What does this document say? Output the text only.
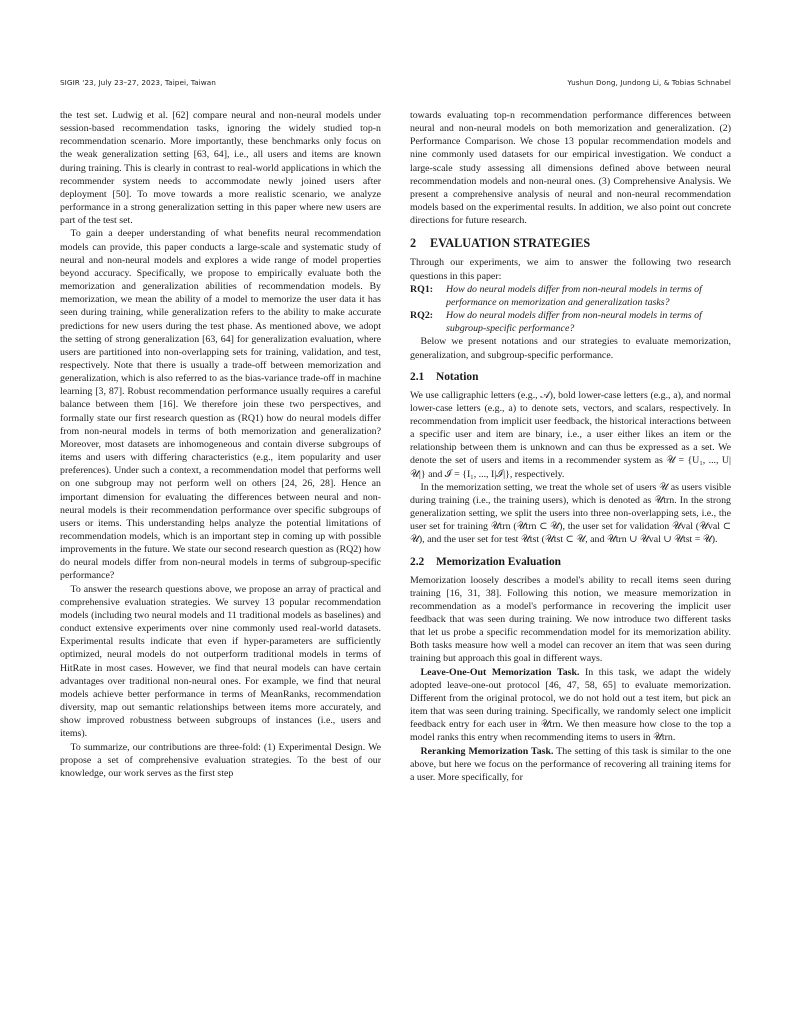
SIGIR '23, July 23–27, 2023, Taipei, Taiwan	Yushun Dong, Jundong Li, & Tobias Schnabel

the test set. Ludwig et al. [62] compare neural and non-neural models under session-based recommendation tasks, ignoring the widely studied top-n recommendation scenario. More importantly, these benchmarks only focus on the weak generalization setting [63, 64], i.e., all users and items are known during training. This is clearly in contrast to real-world applications in which the recommender system needs to accommodate newly joined users after deployment [50]. To move towards a more realistic scenario, we analyze performance in a strong generalization setting in this paper where new users are part of the test set.

To gain a deeper understanding of what benefits neural recommendation models can provide, this paper conducts a large-scale and systematic study of neural and non-neural models and explores a wide range of model properties beyond accuracy. Specifically, we propose to empirically evaluate both the memorization and generalization abilities of recommendation models. By memorization, we mean the ability of a model to memorize the user data it has seen during training, while generalization refers to the ability to make accurate predictions for new users during the test phase. As mentioned above, we adopt the setting of strong generalization [63, 64] for generalization evaluation, where users are partitioned into non-overlapping sets for training, validation, and test, respectively. Note that there is usually a trade-off between memorization and generalization, which is also referred to as the bias-variance trade-off in machine learning [3, 87]. Robust recommendation performance usually requires a careful balance between them [16]. We therefore join these two perspectives, and formally state our first research question as (RQ1) how do neural models differ from non-neural models in terms of both memorization and generalization? Moreover, most datasets are inhomogeneous and contain diverse subgroups of items and users with differing characteristics (e.g., item popularity and user preferences). Under such a context, a recommendation model that performs well on one subgroup may not perform well on others [24, 26, 28]. Hence an important dimension for evaluating the differences between neural and non-neural models is their recommendation performance over specific subgroups of users or items. This understanding helps analyze the potential limitations of recommendation models, which is an important step in coming up with possible improvements in the future. We state our second research question as (RQ2) how do neural models differ from non-neural models in terms of subgroup-specific performance?

To answer the research questions above, we propose an array of practical and comprehensive evaluation strategies. We survey 13 popular recommendation models (including two neural models and 11 traditional models as baselines) and conduct extensive experiments over nine commonly used real-world datasets. Experimental results indicate that even if hyper-parameters are sufficiently optimized, neural models do not outperform traditional models in terms of HitRate in most cases. However, we find that neural models can have certain advantages over traditional non-neural ones. For example, we find that neural models achieve better performance in terms of MeanRanks, recommendation diversity, map out semantic relationships between items more accurately, and show improved robustness between subgroups of instances (i.e., users and items).

To summarize, our contributions are three-fold: (1) Experimental Design. We propose a set of comprehensive evaluation strategies. To the best of our knowledge, our work serves as the first step

towards evaluating top-n recommendation performance differences between neural and non-neural models on both memorization and generalization. (2) Performance Comparison. We chose 13 popular recommendation models and nine commonly used datasets for our empirical investigation. We conduct a large-scale study assessing all dimensions defined above between neural recommendation models and non-neural ones. (3) Comprehensive Analysis. We present a comprehensive analysis of neural and non-neural recommendation models based on the experimental results. In addition, we also point out concrete directions for future research.

2 EVALUATION STRATEGIES

Through our experiments, we aim to answer the following two research questions in this paper:

RQ1:	How do neural models differ from non-neural models in terms of performance on memorization and generalization tasks?
RQ2:	How do neural models differ from non-neural models in terms of subgroup-specific performance?

Below we present notations and our strategies to evaluate memorization, generalization, and subgroup-specific performance.

2.1 Notation

We use calligraphic letters (e.g., 𝒜), bold lower-case letters (e.g., a), and normal lower-case letters (e.g., a) to denote sets, vectors, and scalars, respectively. In recommendation from implicit user feedback, the historical interactions between a specific user and item are binary, i.e., a user either likes an item or the relationship between them is unknown and can thus be expressed as a set. We denote the set of users and items in a recommender system as 𝒰 = {U₁, ..., U|𝒰|} and ℐ = {I₁, ..., I|ℐ|}, respectively.

In the memorization setting, we treat the whole set of users 𝒰 as users visible during training (i.e., the training users), which is denoted as 𝒰trn. In the strong generalization setting, we split the users into three non-overlapping sets, i.e., the user set for training 𝒰trn (𝒰trn ⊂ 𝒰), the user set for validation 𝒰val (𝒰val ⊂ 𝒰), and the user set for test 𝒰tst (𝒰tst ⊂ 𝒰, and 𝒰trn ∪ 𝒰val ∪ 𝒰tst = 𝒰).

2.2 Memorization Evaluation

Memorization loosely describes a model's ability to recall items seen during training [16, 31, 38]. Following this notion, we measure memorization in recommendation as a model's performance in recovering the implicit user feedback that was seen during training. We now introduce two different tasks that let us probe a specific recommendation model for its memorization ability. Both tasks measure how well a model can recover an item that was seen during training but approach this goal in different ways.

Leave-One-Out Memorization Task. In this task, we adapt the widely adopted leave-one-out protocol [46, 47, 58, 65] to evaluate memorization. Different from the original protocol, we do not hold out a test item, but pick an item that was seen during training. Specifically, we randomly select one implicit feedback entry for each user in 𝒰trn. We then measure how close to the top a model ranks this entry when recommending items to users in 𝒰trn.

Reranking Memorization Task. The setting of this task is similar to the one above, but here we focus on the performance of recovering all training items for a user. More specifically, for
